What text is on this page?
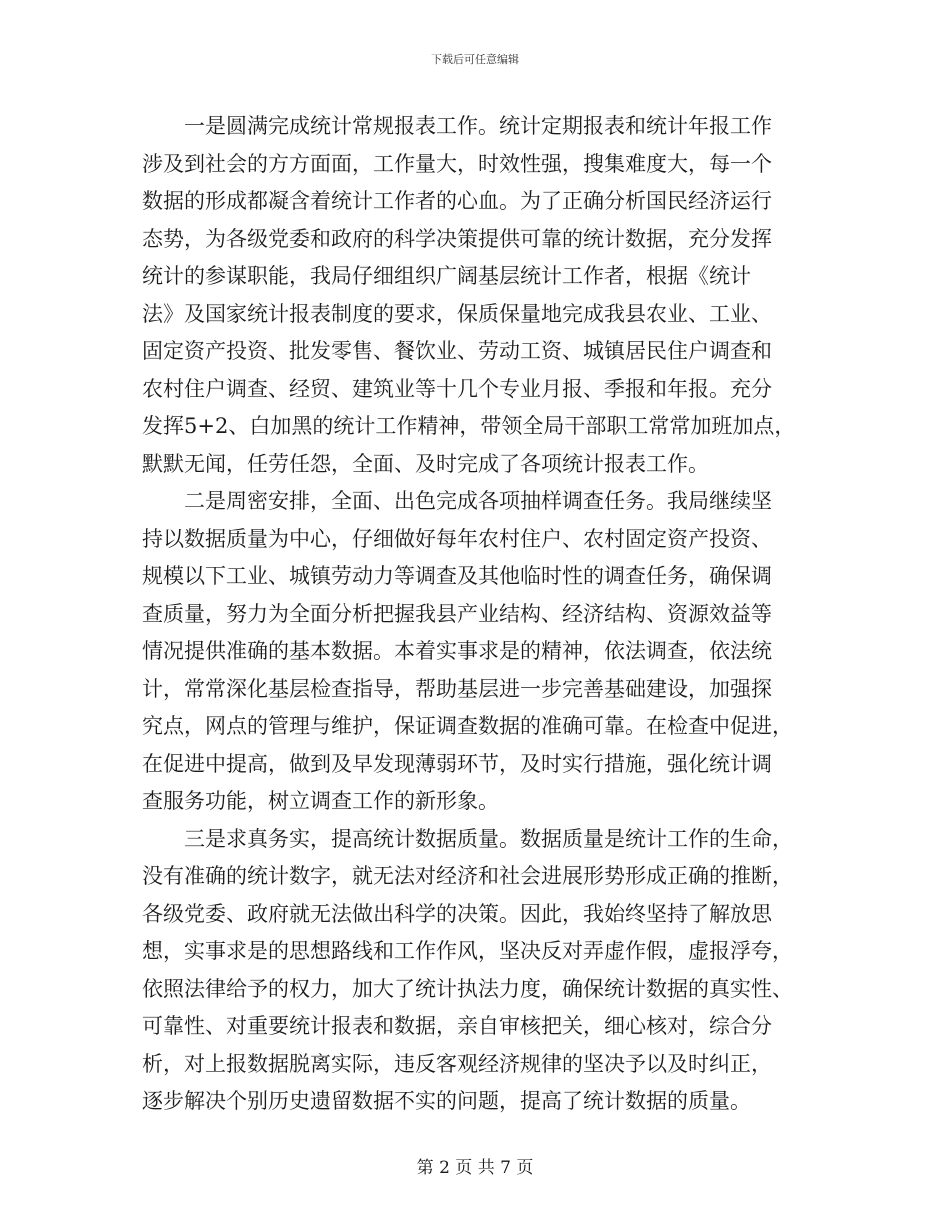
下载后可任意编辑

一是圆满完成统计常规报表工作。统计定期报表和统计年报工作
涉及到社会的方方面面，工作量大，时效性强，搜集难度大，每一个
数据的形成都凝含着统计工作者的心血。为了正确分析国民经济运行
态势，为各级党委和政府的科学决策提供可靠的统计数据，充分发挥
统计的参谋职能，我局仔细组织广阔基层统计工作者，根据《统计
法》及国家统计报表制度的要求，保质保量地完成我县农业、工业、
固定资产投资、批发零售、餐饮业、劳动工资、城镇居民住户调查和
农村住户调查、经贸、建筑业等十几个专业月报、季报和年报。充分
发挥5+2、白加黑的统计工作精神，带领全局干部职工常常加班加点，
默默无闻，任劳任怨，全面、及时完成了各项统计报表工作。

二是周密安排，全面、出色完成各项抽样调查任务。我局继续坚
持以数据质量为中心，仔细做好每年农村住户、农村固定资产投资、
规模以下工业、城镇劳动力等调查及其他临时性的调查任务，确保调
查质量，努力为全面分析把握我县产业结构、经济结构、资源效益等
情况提供准确的基本数据。本着实事求是的精神，依法调查，依法统
计，常常深化基层检查指导，帮助基层进一步完善基础建设，加强探
究点，网点的管理与维护，保证调查数据的准确可靠。在检查中促进，
在促进中提高，做到及早发现薄弱环节，及时实行措施，强化统计调
查服务功能，树立调查工作的新形象。

三是求真务实，提高统计数据质量。数据质量是统计工作的生命，
没有准确的统计数字，就无法对经济和社会进展形势形成正确的推断，
各级党委、政府就无法做出科学的决策。因此，我始终坚持了解放思
想，实事求是的思想路线和工作作风，坚决反对弄虚作假，虚报浮夸，
依照法律给予的权力，加大了统计执法力度，确保统计数据的真实性、
可靠性、对重要统计报表和数据，亲自审核把关，细心核对，综合分
析，对上报数据脱离实际，违反客观经济规律的坚决予以及时纠正，
逐步解决个别历史遗留数据不实的问题，提高了统计数据的质量。

第 2 页 共 7 页
